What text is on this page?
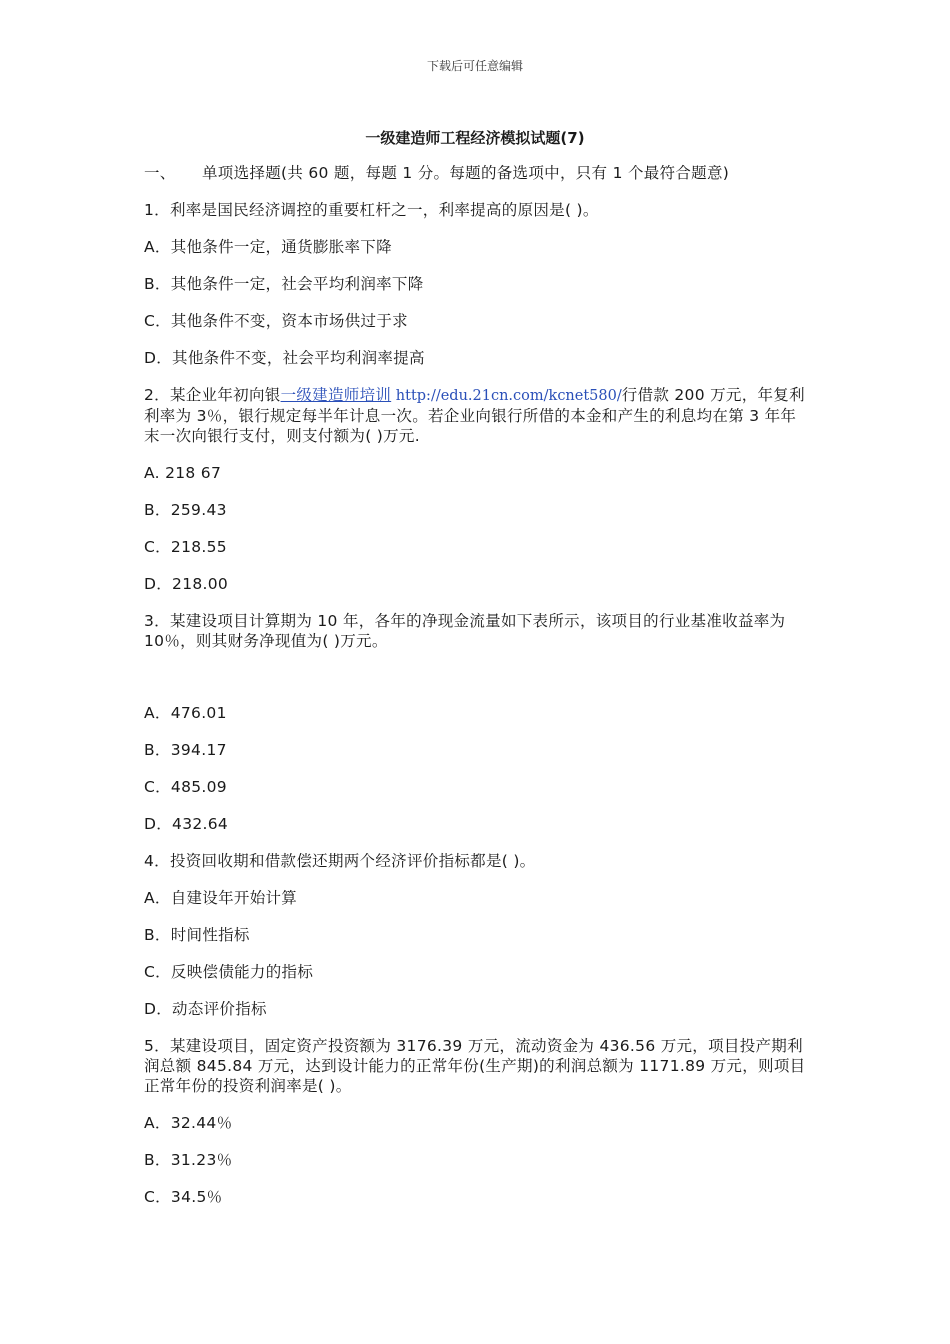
下载后可任意编辑
一级建造师工程经济模拟试题(7)

一、 单项选择题(共 60 题，每题 1 分。每题的备选项中，只有 1 个最符合题意)

1．利率是国民经济调控的重要杠杆之一，利率提高的原因是( )。

A．其他条件一定，通货膨胀率下降

B．其他条件一定，社会平均利润率下降

C．其他条件不变，资本市场供过于求

D．其他条件不变，社会平均利润率提高

2．某企业年初向银一级建造师培训 http://edu.21cn.com/kcnet580/行借款 200 万元，年复利利率为 3％，银行规定每半年计息一次。若企业向银行所借的本金和产生的利息均在第 3 年年末一次向银行支付，则支付额为( )万元.

A. 218 67

B．259.43

C．218.55

D．218.00

3．某建设项目计算期为 10 年，各年的净现金流量如下表所示，该项目的行业基准收益率为 10％，则其财务净现值为( )万元。

A．476.01

B．394.17

C．485.09

D．432.64

4．投资回收期和借款偿还期两个经济评价指标都是( )。

A．自建设年开始计算

B．时间性指标

C．反映偿债能力的指标

D．动态评价指标

5．某建设项目，固定资产投资额为 3176.39 万元，流动资金为 436.56 万元，项目投产期利 润总额 845.84 万元，达到设计能力的正常年份(生产期)的利润总额为 1171.89 万元，则项目正常年份的投资利润率是( )。

A．32.44％

B．31.23％

C．34.5％
